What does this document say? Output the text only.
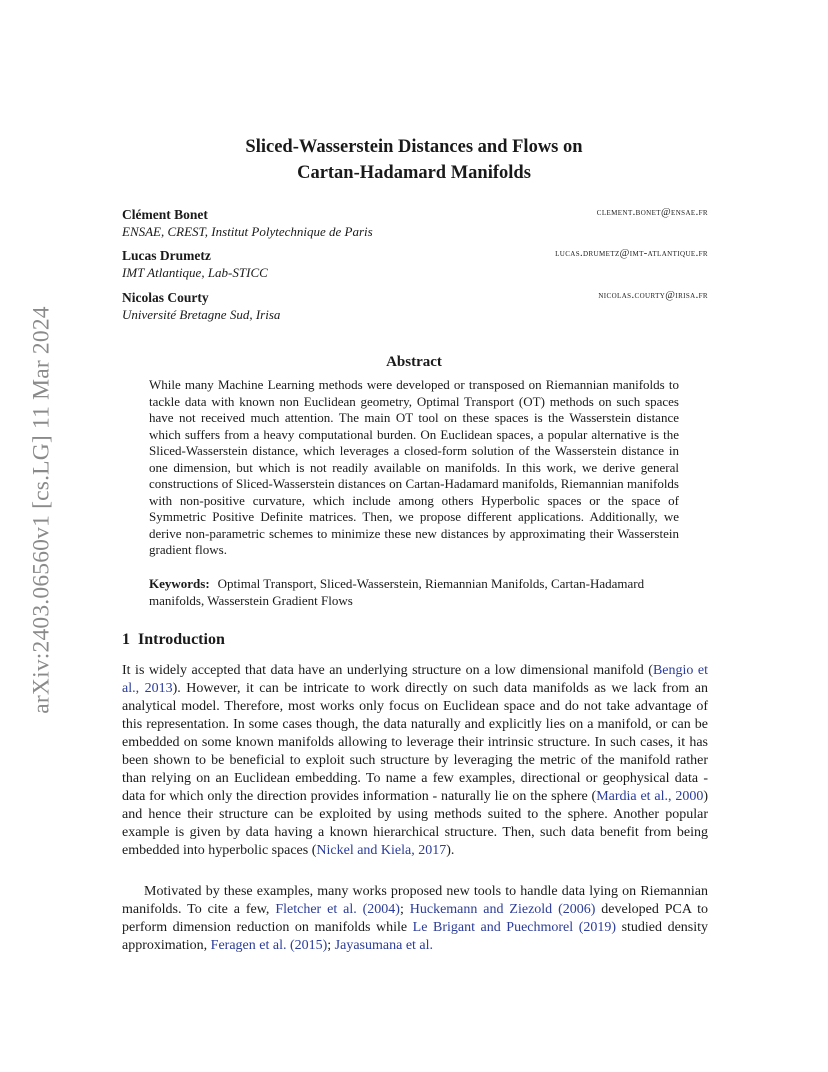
arXiv:2403.06560v1 [cs.LG] 11 Mar 2024
Sliced-Wasserstein Distances and Flows on
Cartan-Hadamard Manifolds
Clément Bonet
ENSAE, CREST, Institut Polytechnique de Paris
clement.bonet@ensae.fr
Lucas Drumetz
IMT Atlantique, Lab-STICC
lucas.drumetz@imt-atlantique.fr
Nicolas Courty
Université Bretagne Sud, Irisa
nicolas.courty@irisa.fr
Abstract
While many Machine Learning methods were developed or transposed on Riemannian manifolds to tackle data with known non Euclidean geometry, Optimal Transport (OT) methods on such spaces have not received much attention. The main OT tool on these spaces is the Wasserstein distance which suffers from a heavy computational burden. On Euclidean spaces, a popular alternative is the Sliced-Wasserstein distance, which leverages a closed-form solution of the Wasserstein distance in one dimension, but which is not readily available on manifolds. In this work, we derive general constructions of Sliced-Wasserstein distances on Cartan-Hadamard manifolds, Riemannian manifolds with non-positive curvature, which include among others Hyperbolic spaces or the space of Symmetric Positive Definite matrices. Then, we propose different applications. Additionally, we derive non-parametric schemes to minimize these new distances by approximating their Wasserstein gradient flows.
Keywords: Optimal Transport, Sliced-Wasserstein, Riemannian Manifolds, Cartan-Hadamard manifolds, Wasserstein Gradient Flows
1 Introduction
It is widely accepted that data have an underlying structure on a low dimensional manifold (Bengio et al., 2013). However, it can be intricate to work directly on such data manifolds as we lack from an analytical model. Therefore, most works only focus on Euclidean space and do not take advantage of this representation. In some cases though, the data naturally and explicitly lies on a manifold, or can be embedded on some known manifolds allowing to leverage their intrinsic structure. In such cases, it has been shown to be beneficial to exploit such structure by leveraging the metric of the manifold rather than relying on an Euclidean embedding. To name a few examples, directional or geophysical data - data for which only the direction provides information - naturally lie on the sphere (Mardia et al., 2000) and hence their structure can be exploited by using methods suited to the sphere. Another popular example is given by data having a known hierarchical structure. Then, such data benefit from being embedded into hyperbolic spaces (Nickel and Kiela, 2017).
Motivated by these examples, many works proposed new tools to handle data lying on Riemannian manifolds. To cite a few, Fletcher et al. (2004); Huckemann and Ziezold (2006) developed PCA to perform dimension reduction on manifolds while Le Brigant and Puechmorel (2019) studied density approximation, Feragen et al. (2015); Jayasumana et al.
